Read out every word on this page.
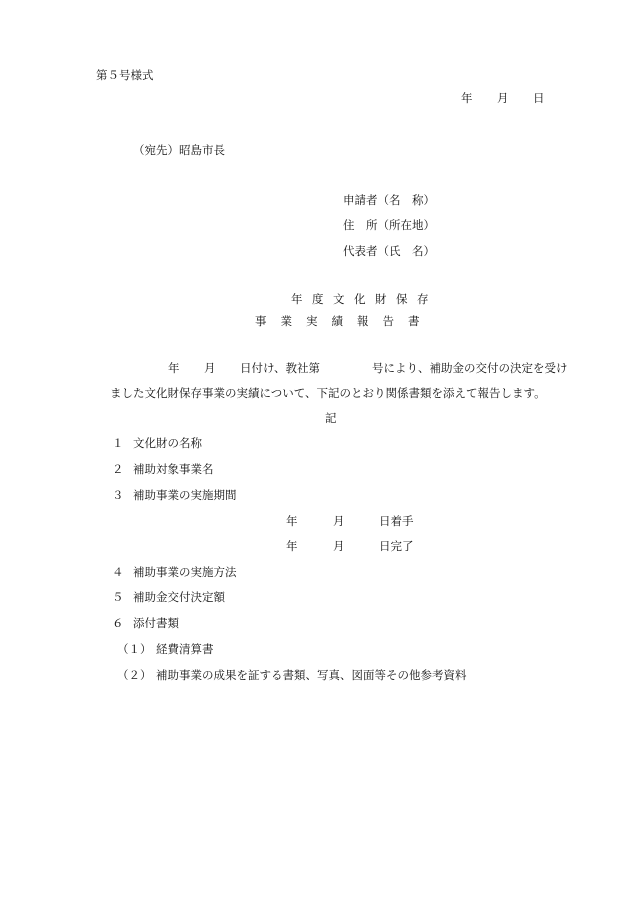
第５号様式
年 月 日
（宛先）昭島市長
申請者（名　称）
住　所（所在地）
代表者（氏　名）
年度文化財保存
事業実績報告書
年 月 日付け、教社第	号により、補助金の交付の決定を受け
ました文化財保存事業の実績について、下記のとおり関係書類を添えて報告します。
記
１ 文化財の名称
２ 補助対象事業名
３ 補助事業の実施期間
年	月	日着手
年	月	日完了
４ 補助事業の実施方法
５ 補助金交付決定額
６ 添付書類
（１） 経費清算書
（２） 補助事業の成果を証する書類、写真、図面等その他参考資料
